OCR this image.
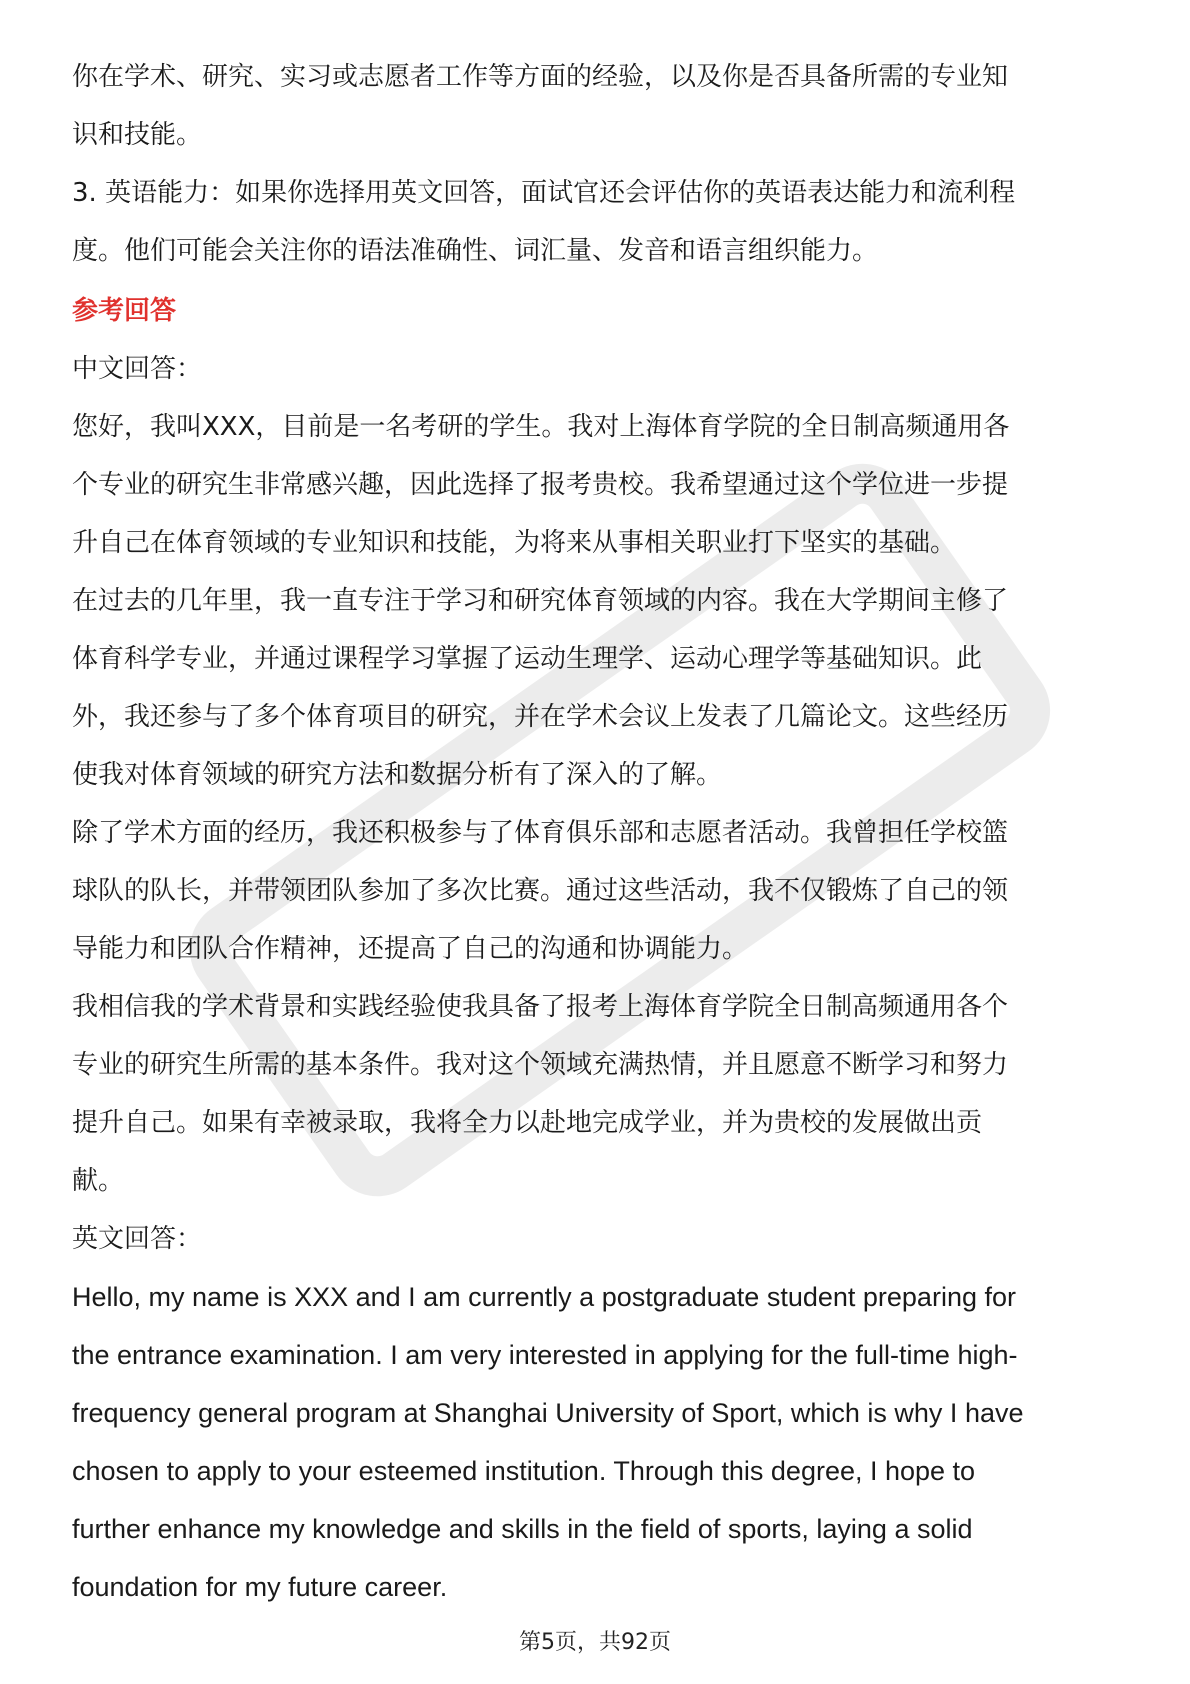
你在学术、研究、实习或志愿者工作等方面的经验，以及你是否具备所需的专业知
识和技能。
3. 英语能力：如果你选择用英文回答，面试官还会评估你的英语表达能力和流利程
度。他们可能会关注你的语法准确性、词汇量、发音和语言组织能力。
参考回答
中文回答：
您好，我叫XXX，目前是一名考研的学生。我对上海体育学院的全日制高频通用各
个专业的研究生非常感兴趣，因此选择了报考贵校。我希望通过这个学位进一步提
升自己在体育领域的专业知识和技能，为将来从事相关职业打下坚实的基础。
在过去的几年里，我一直专注于学习和研究体育领域的内容。我在大学期间主修了
体育科学专业，并通过课程学习掌握了运动生理学、运动心理学等基础知识。此
外，我还参与了多个体育项目的研究，并在学术会议上发表了几篇论文。这些经历
使我对体育领域的研究方法和数据分析有了深入的了解。
除了学术方面的经历，我还积极参与了体育俱乐部和志愿者活动。我曾担任学校篮
球队的队长，并带领团队参加了多次比赛。通过这些活动，我不仅锻炼了自己的领
导能力和团队合作精神，还提高了自己的沟通和协调能力。
我相信我的学术背景和实践经验使我具备了报考上海体育学院全日制高频通用各个
专业的研究生所需的基本条件。我对这个领域充满热情，并且愿意不断学习和努力
提升自己。如果有幸被录取，我将全力以赴地完成学业，并为贵校的发展做出贡
献。
英文回答：
Hello, my name is XXX and I am currently a postgraduate student preparing for
the entrance examination. I am very interested in applying for the full-time high-
frequency general program at Shanghai University of Sport, which is why I have
chosen to apply to your esteemed institution. Through this degree, I hope to
further enhance my knowledge and skills in the field of sports, laying a solid
foundation for my future career.
第5页，共92页
